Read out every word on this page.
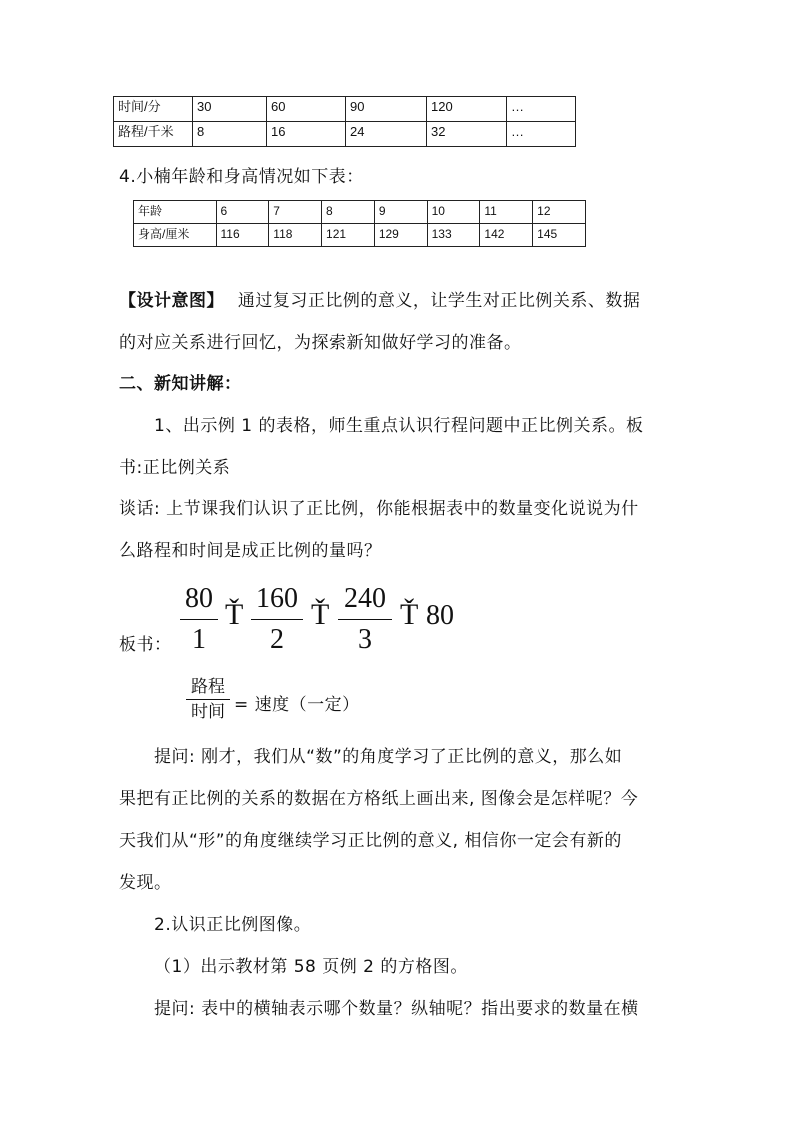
时间/分	30	60	90	120	…
路程/千米	8	16	24	32	…
4.小楠年龄和身高情况如下表：
年龄	6	7	8	9	10	11	12
身高/厘米	116	118	121	129	133	142	145
【设计意图】 通过复习正比例的意义，让学生对正比例关系、数据
的对应关系进行回忆，为探索新知做好学习的准备。
二、新知讲解：
1、出示例 1 的表格，师生重点认识行程问题中正比例关系。板
书:正比例关系
谈话: 上节课我们认识了正比例，你能根据表中的数量变化说说为什
么路程和时间是成正比例的量吗？
板书：
80
1
Ť 160
2
Ť 240
3
Ť 80
路程
时间 = 速度（一定）
提问: 刚才，我们从“数”的角度学习了正比例的意义，那么如
果把有正比例的关系的数据在方格纸上画出来, 图像会是怎样呢？今
天我们从“形”的角度继续学习正比例的意义, 相信你一定会有新的
发现。
2.认识正比例图像。
（1）出示教材第 58 页例 2 的方格图。
提问: 表中的横轴表示哪个数量？纵轴呢？指出要求的数量在横
